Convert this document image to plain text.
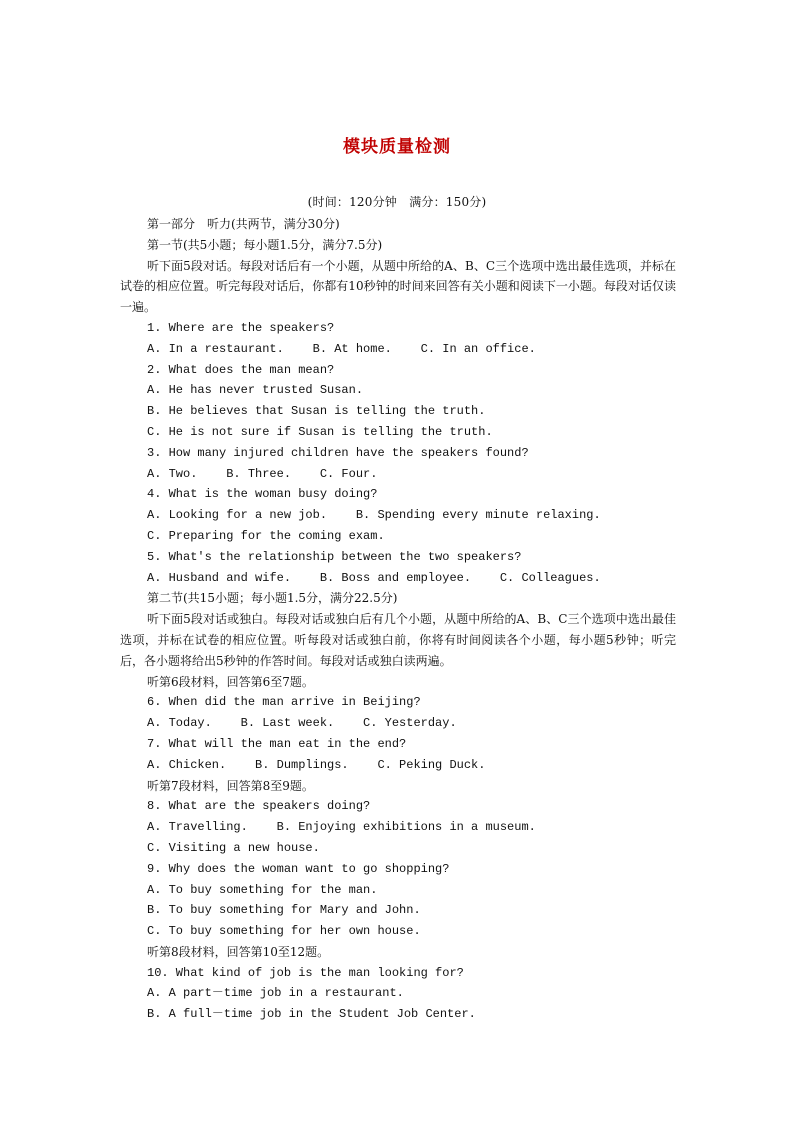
模块质量检测
(时间：120分钟　满分：150分)
第一部分　听力(共两节，满分30分)
第一节(共5小题；每小题1.5分，满分7.5分)
听下面5段对话。每段对话后有一个小题，从题中所给的A、B、C三个选项中选出最佳选项，并标在试卷的相应位置。听完每段对话后，你都有10秒钟的时间来回答有关小题和阅读下一小题。每段对话仅读一遍。
1. Where are the speakers?
A. In a restaurant.    B. At home.    C. In an office.
2. What does the man mean?
A. He has never trusted Susan.
B. He believes that Susan is telling the truth.
C. He is not sure if Susan is telling the truth.
3. How many injured children have the speakers found?
A. Two.    B. Three.    C. Four.
4. What is the woman busy doing?
A. Looking for a new job.    B. Spending every minute relaxing.
C. Preparing for the coming exam.
5. What's the relationship between the two speakers?
A. Husband and wife.    B. Boss and employee.    C. Colleagues.
第二节(共15小题；每小题1.5分，满分22.5分)
听下面5段对话或独白。每段对话或独白后有几个小题，从题中所给的A、B、C三个选项中选出最佳选项，并标在试卷的相应位置。听每段对话或独白前，你将有时间阅读各个小题，每小题5秒钟；听完后，各小题将给出5秒钟的作答时间。每段对话或独白读两遍。
听第6段材料，回答第6至7题。
6. When did the man arrive in Beijing?
A. Today.    B. Last week.    C. Yesterday.
7. What will the man eat in the end?
A. Chicken.    B. Dumplings.    C. Peking Duck.
听第7段材料，回答第8至9题。
8. What are the speakers doing?
A. Travelling.    B. Enjoying exhibitions in a museum.
C. Visiting a new house.
9. Why does the woman want to go shopping?
A. To buy something for the man.
B. To buy something for Mary and John.
C. To buy something for her own house.
听第8段材料，回答第10至12题。
10. What kind of job is the man looking for?
A. A part－time job in a restaurant.
B. A full－time job in the Student Job Center.
